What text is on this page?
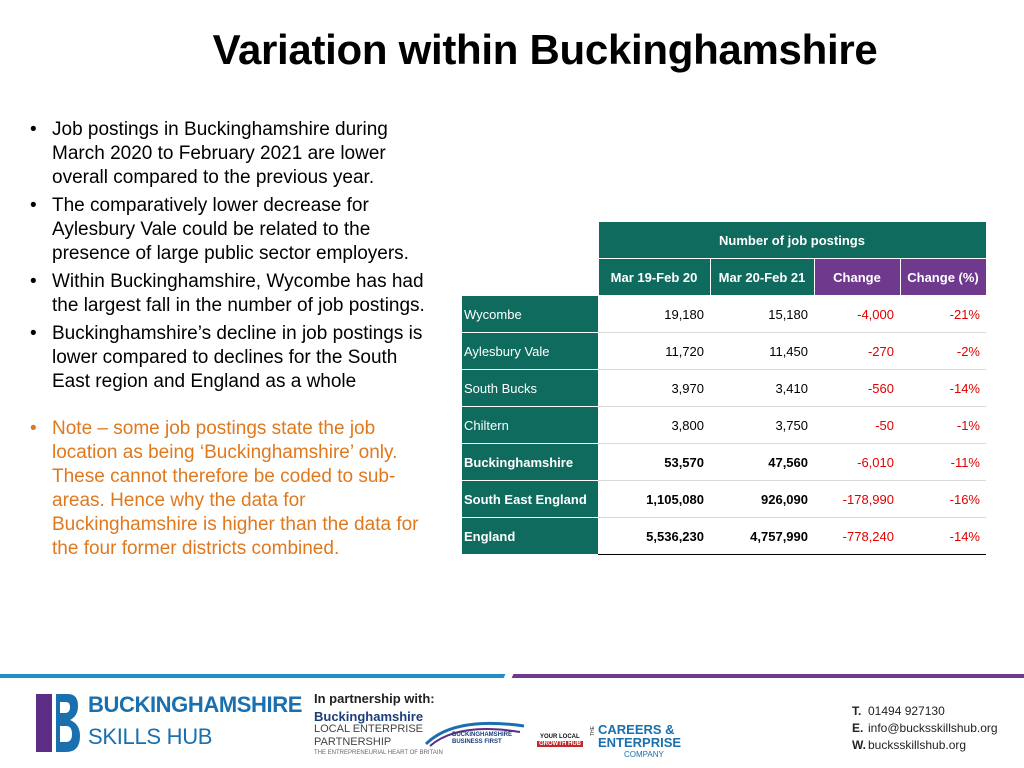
Variation within Buckinghamshire
• Job postings in Buckinghamshire during March 2020 to February 2021 are lower overall compared to the previous year.
• The comparatively lower decrease for Aylesbury Vale could be related to the presence of large public sector employers.
• Within Buckinghamshire, Wycombe has had the largest fall in the number of job postings.
• Buckinghamshire’s decline in job postings is lower compared to declines for the South East region and England as a whole
• Note – some job postings state the job location as being ‘Buckinghamshire’ only. These cannot therefore be coded to sub-areas. Hence why the data for Buckinghamshire is higher than the data for the four former districts combined.
	Number of job postings			
	Mar 19-Feb 20	Mar 20-Feb 21	Change	Change (%)
Wycombe	19,180	15,180	-4,000	-21%
Aylesbury Vale	11,720	11,450	-270	-2%
South Bucks	3,970	3,410	-560	-14%
Chiltern	3,800	3,750	-50	-1%
Buckinghamshire	53,570	47,560	-6,010	-11%
South East England	1,105,080	926,090	-178,990	-16%
England	5,536,230	4,757,990	-778,240	-14%
BUCKINGHAMSHIRE
SKILLS HUB
In partnership with:
Buckinghamshire
LOCAL ENTERPRISE
PARTNERSHIP
THE ENTREPRENEURIAL HEART OF BRITAIN
BUCKINGHAMSHIRE
BUSINESS FIRST
YOUR LOCAL
GROWTH HUB
THE CAREERS &
ENTERPRISE
COMPANY
T. 01494 927130
E. info@bucksskillshub.org
W. bucksskillshub.org
